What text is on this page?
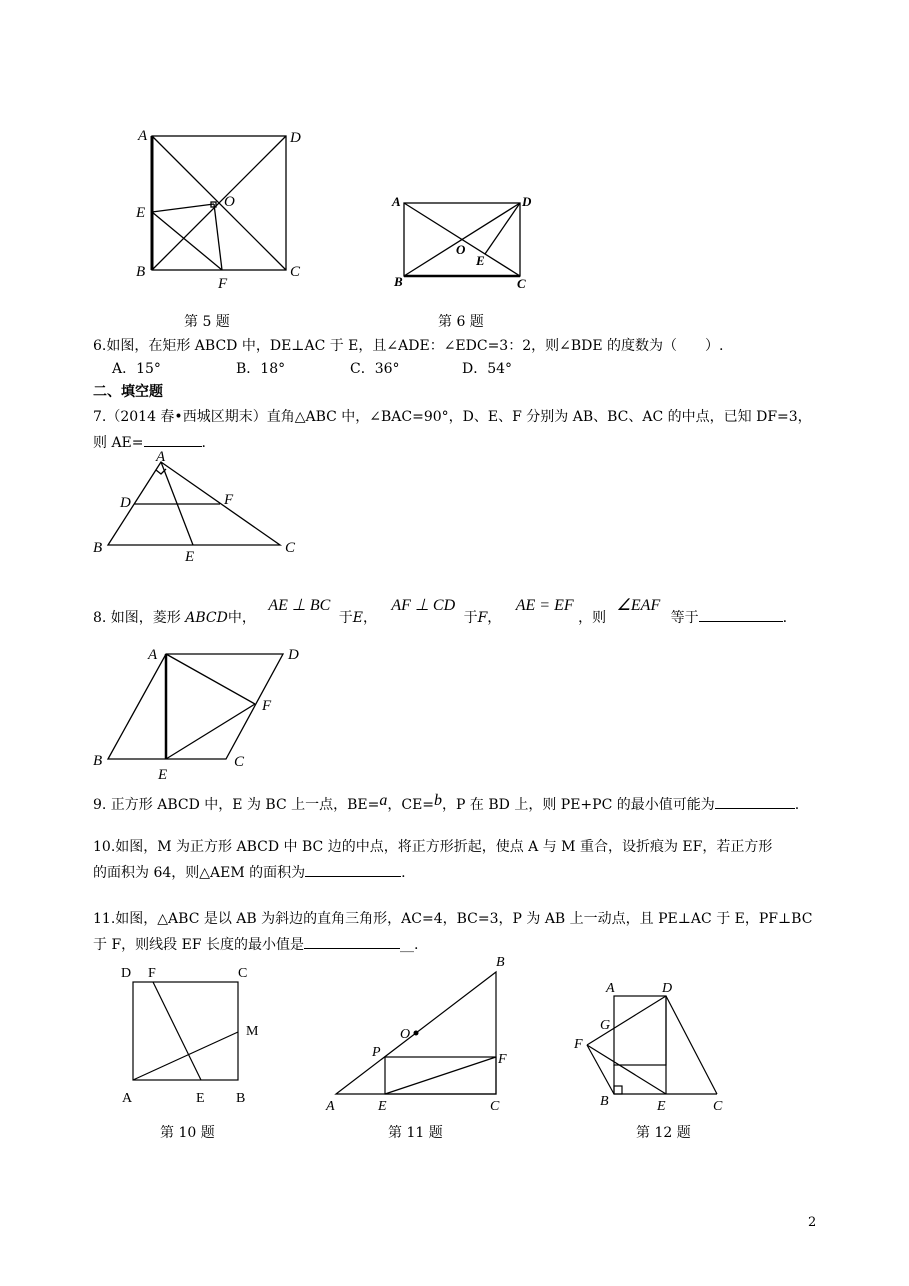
A	D
E
O
B	C
F
A	D
O
E
B	C
第 5 题	第 6 题
6.如图，在矩形 ABCD 中，DE⊥AC 于 E，且∠ADE：∠EDC=3：2，则∠BDE 的度数为（　　）.
A．15°	B．18°	C．36°	D．54°
二、填空题
7.（2014 春•西城区期末）直角△ABC 中，∠BAC=90°，D、E、F 分别为 AB、BC、AC 的中点，已知 DF=3，
则 AE=	.
A
D	F
B	C
E
8. 如图，菱形 ABCD中， AE ⊥ BC 于E， AF ⊥ CD 于F， AE = EF ，则 ∠EAF 等于	.
A	D
F
B	C
E
9. 正方形 ABCD 中，E 为 BC 上一点，BE=a，CE=b，P 在 BD 上，则 PE+PC 的最小值可能为	.
10.如图，M 为正方形 ABCD 中 BC 边的中点，将正方形折起，使点 A 与 M 重合，设折痕为 EF，若正方形
的面积为 64，则△AEM 的面积为	.
11.如图，△ABC 是以 AB 为斜边的直角三角形，AC=4，BC=3，P 为 AB 上一动点，且 PE⊥AC 于 E，PF⊥BC
于 F，则线段 EF 长度的最小值是	__.
D F	C
M
A	E B
B
O
P	F
A	E	C
A	D
G
F
B	E	C
第 10 题	第 11 题	第 12 题
2
